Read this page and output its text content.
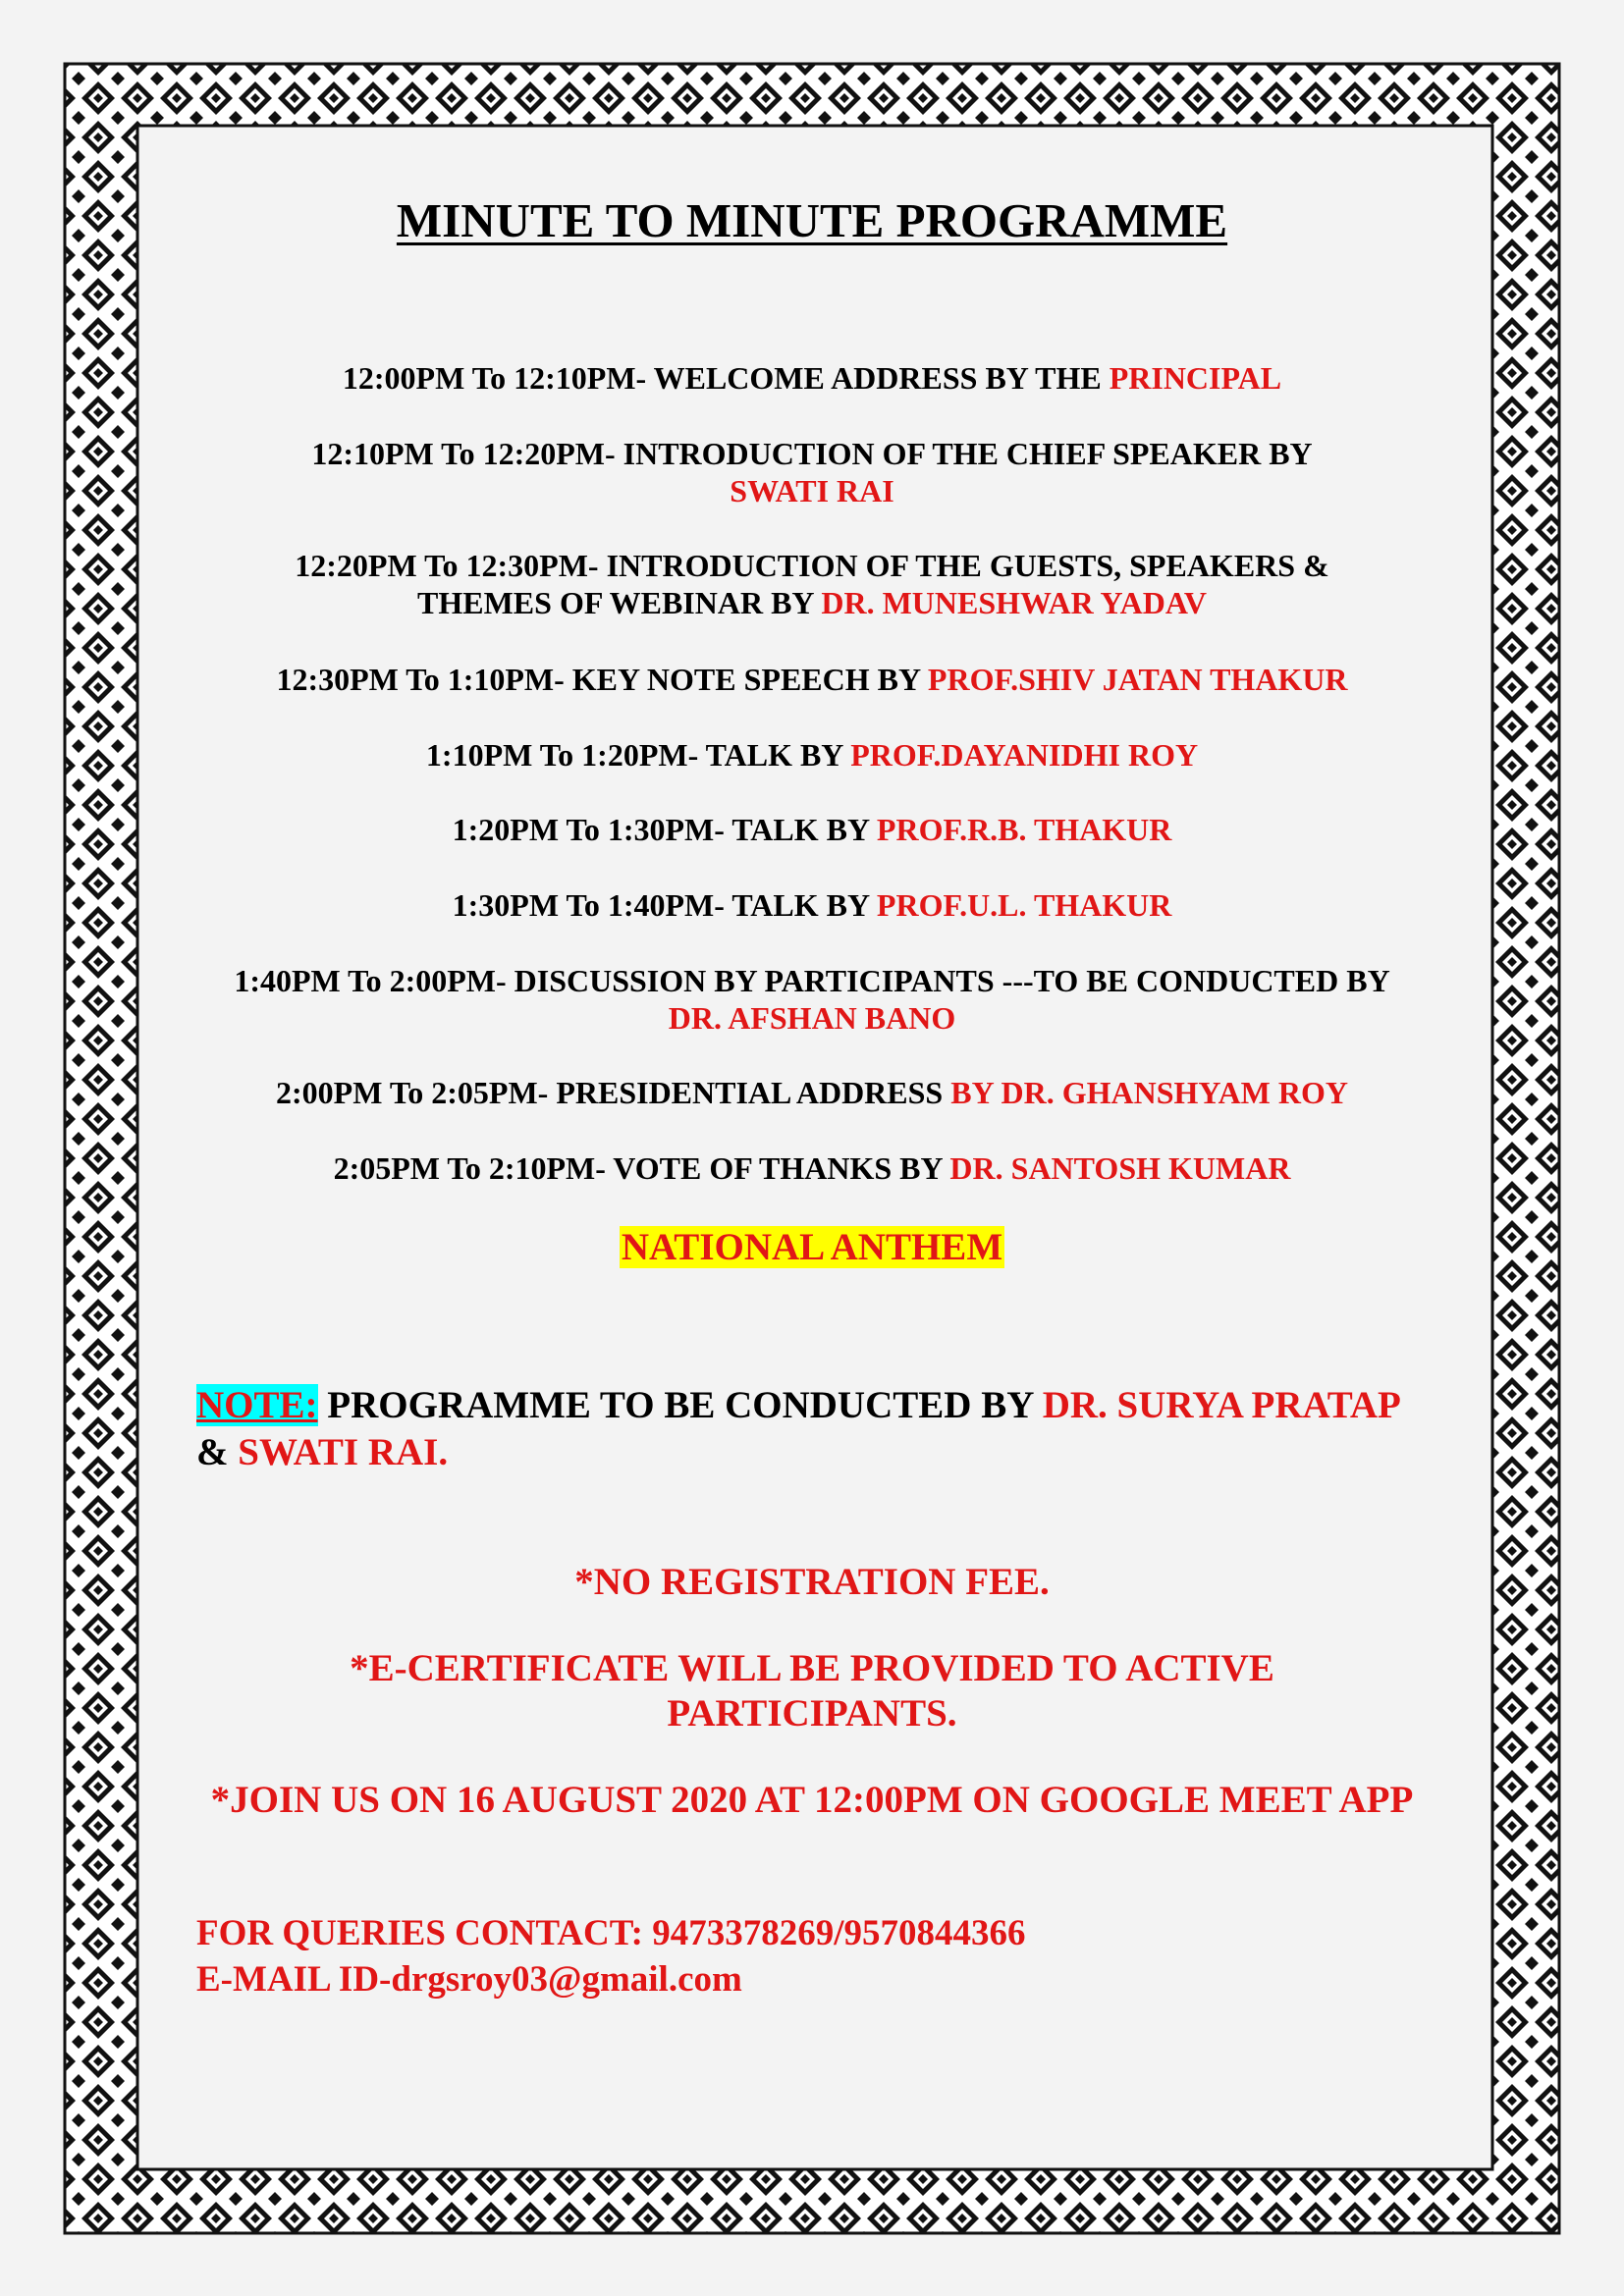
MINUTE TO MINUTE PROGRAMME
12:00PM To 12:10PM- WELCOME ADDRESS BY THE PRINCIPAL
12:10PM To 12:20PM- INTRODUCTION OF THE CHIEF SPEAKER BY
SWATI RAI
12:20PM To 12:30PM- INTRODUCTION OF THE GUESTS, SPEAKERS &
THEMES OF WEBINAR BY DR. MUNESHWAR YADAV
12:30PM To 1:10PM- KEY NOTE SPEECH BY PROF.SHIV JATAN THAKUR
1:10PM To 1:20PM- TALK BY PROF.DAYANIDHI ROY
1:20PM To 1:30PM- TALK BY PROF.R.B. THAKUR
1:30PM To 1:40PM- TALK BY PROF.U.L. THAKUR
1:40PM To 2:00PM- DISCUSSION BY PARTICIPANTS ---TO BE CONDUCTED BY
DR. AFSHAN BANO
2:00PM To 2:05PM- PRESIDENTIAL ADDRESS BY DR. GHANSHYAM ROY
2:05PM To 2:10PM- VOTE OF THANKS BY DR. SANTOSH KUMAR
NATIONAL ANTHEM
NOTE: PROGRAMME TO BE CONDUCTED BY DR. SURYA PRATAP
& SWATI RAI.
*NO REGISTRATION FEE.
*E-CERTIFICATE WILL BE PROVIDED TO ACTIVE
PARTICIPANTS.
*JOIN US ON 16 AUGUST 2020 AT 12:00PM ON GOOGLE MEET APP
FOR QUERIES CONTACT: 9473378269/9570844366
E-MAIL ID-drgsroy03@gmail.com
